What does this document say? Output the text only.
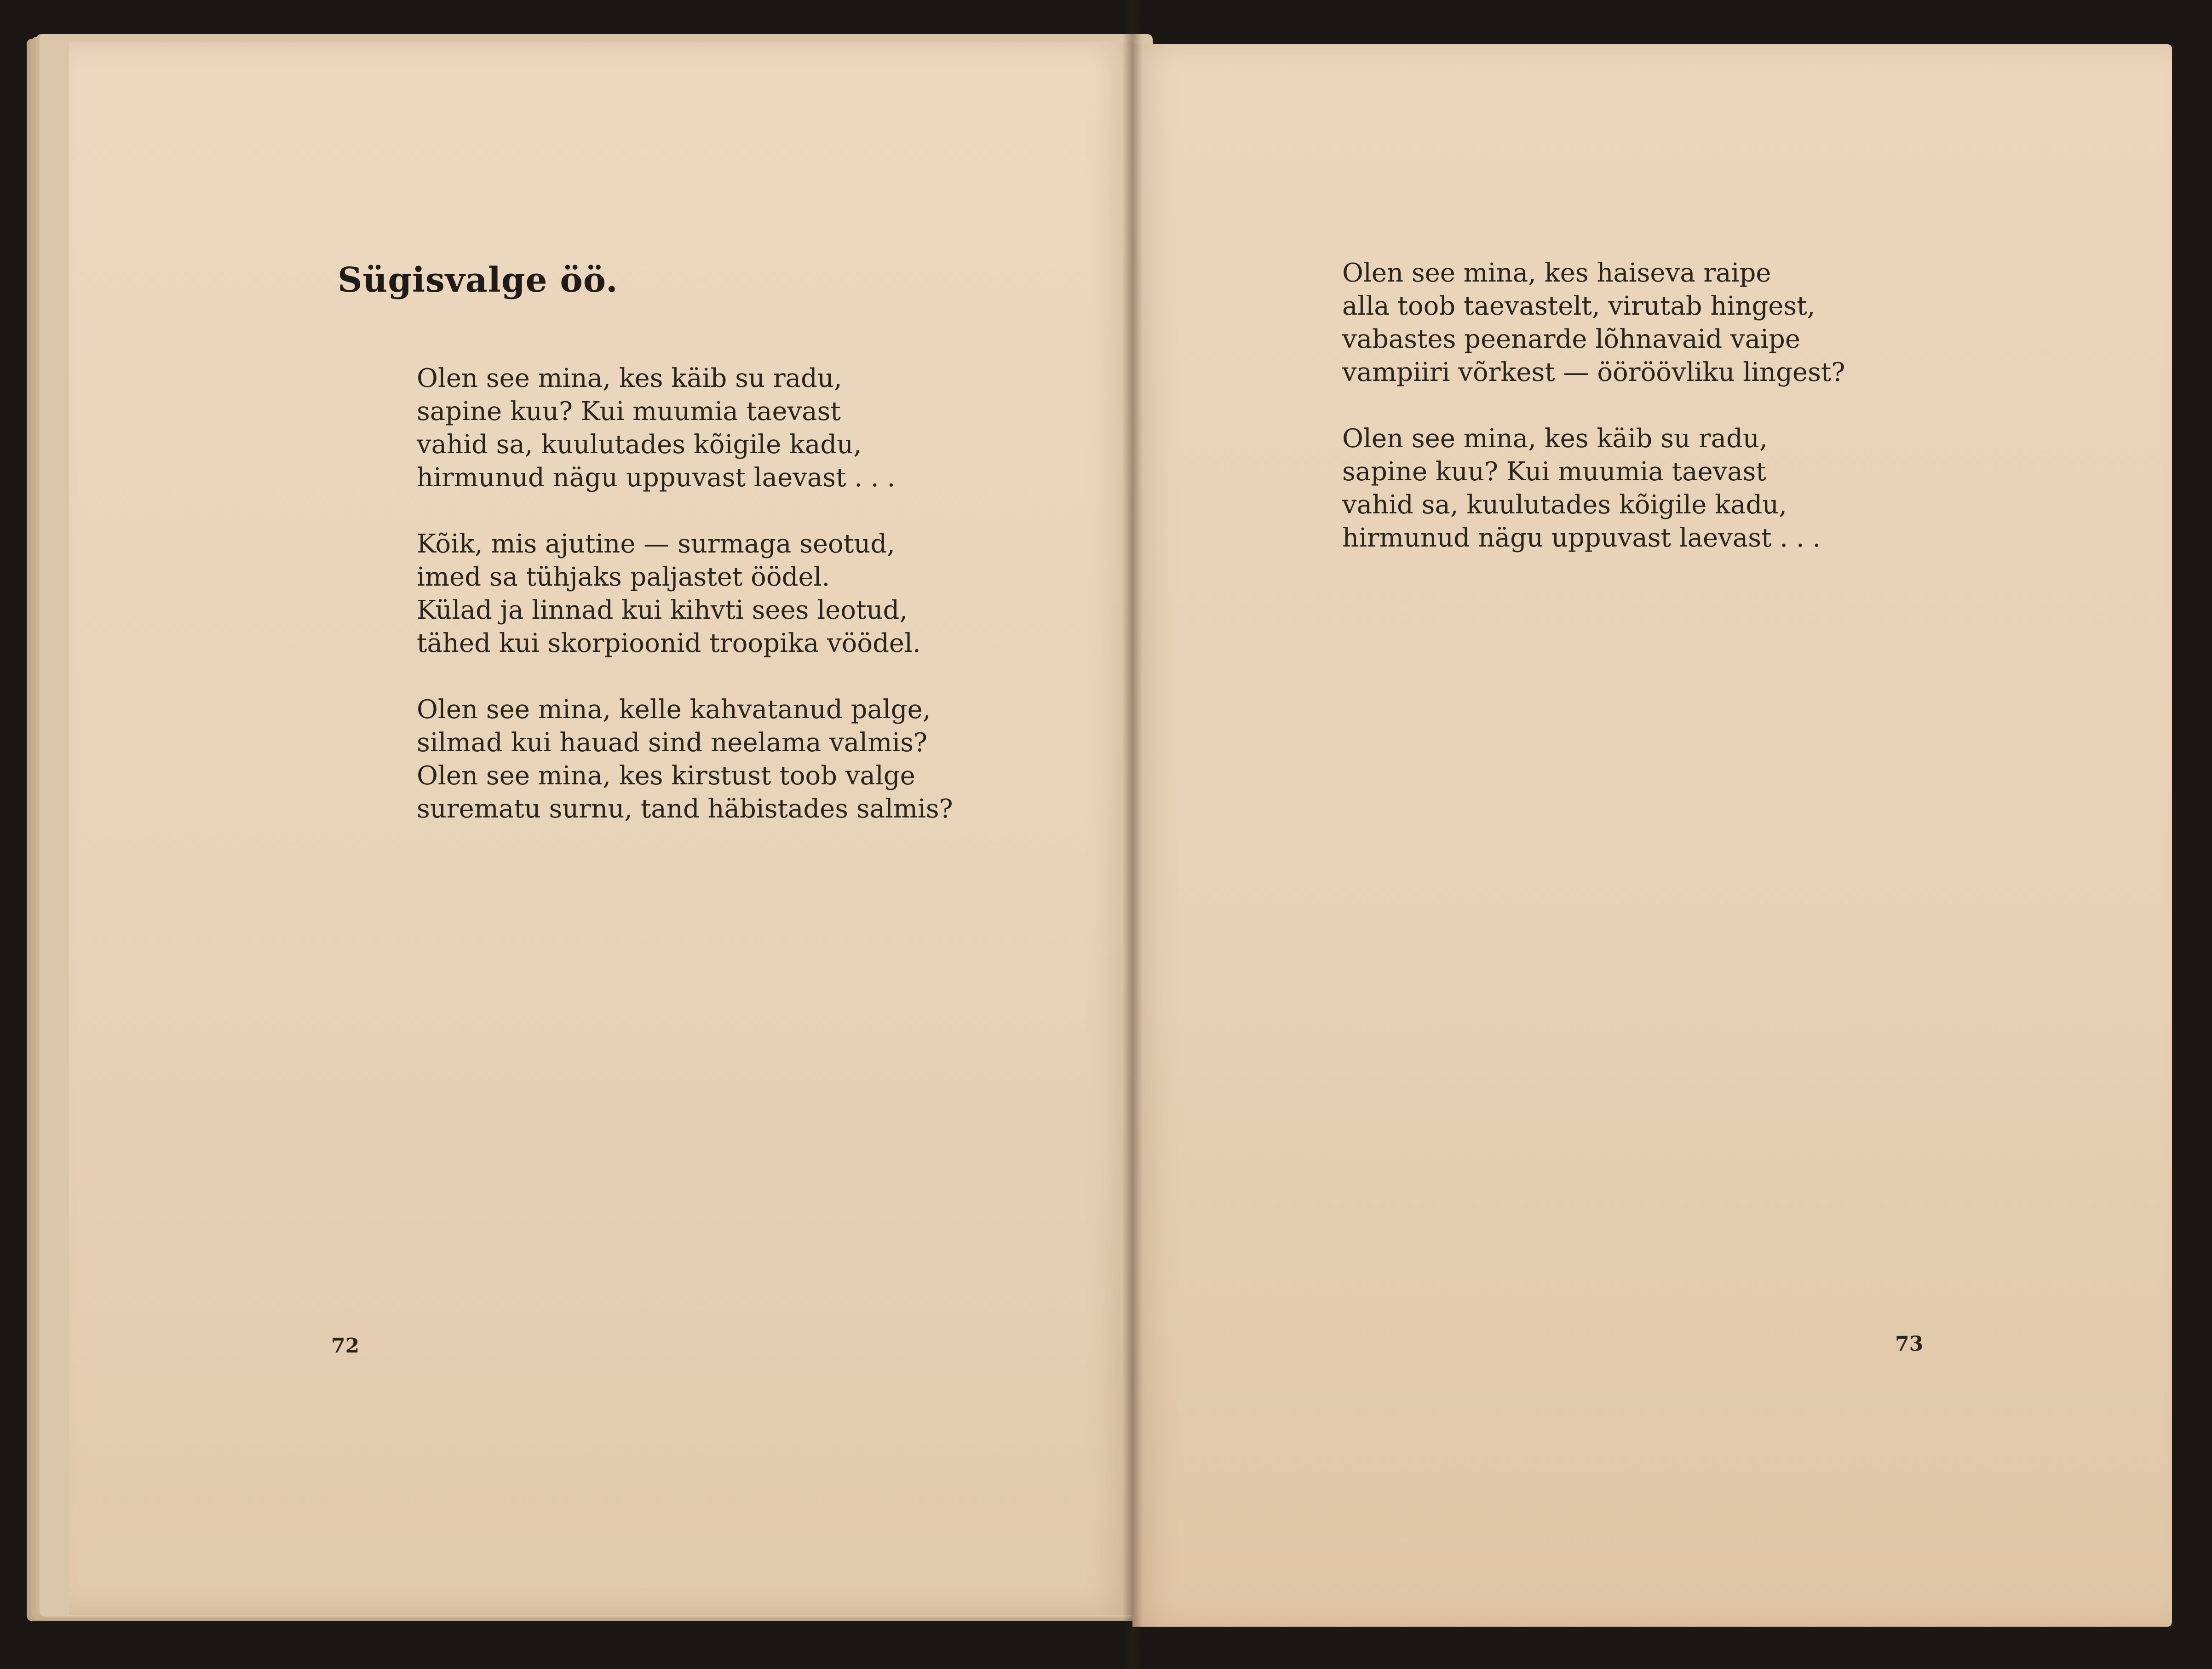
Sügisvalge öö.
Olen see mina, kes käib su radu,
sapine kuu? Kui muumia taevast
vahid sa, kuulutades kõigile kadu,
hirmunud nägu uppuvast laevast . . .
Kõik, mis ajutine — surmaga seotud,
imed sa tühjaks paljastet öödel.
Külad ja linnad kui kihvti sees leotud,
tähed kui skorpioonid troopika vöödel.
Olen see mina, kelle kahvatanud palge,
silmad kui hauad sind neelama valmis?
Olen see mina, kes kirstust toob valge
surematu surnu, tand häbistades salmis?
72
Olen see mina, kes haiseva raipe
alla toob taevastelt, virutab hingest,
vabastes peenarde lõhnavaid vaipe
vampiiri võrkest — ööröövliku lingest?
Olen see mina, kes käib su radu,
sapine kuu? Kui muumia taevast
vahid sa, kuulutades kõigile kadu,
hirmunud nägu uppuvast laevast . . .
73
